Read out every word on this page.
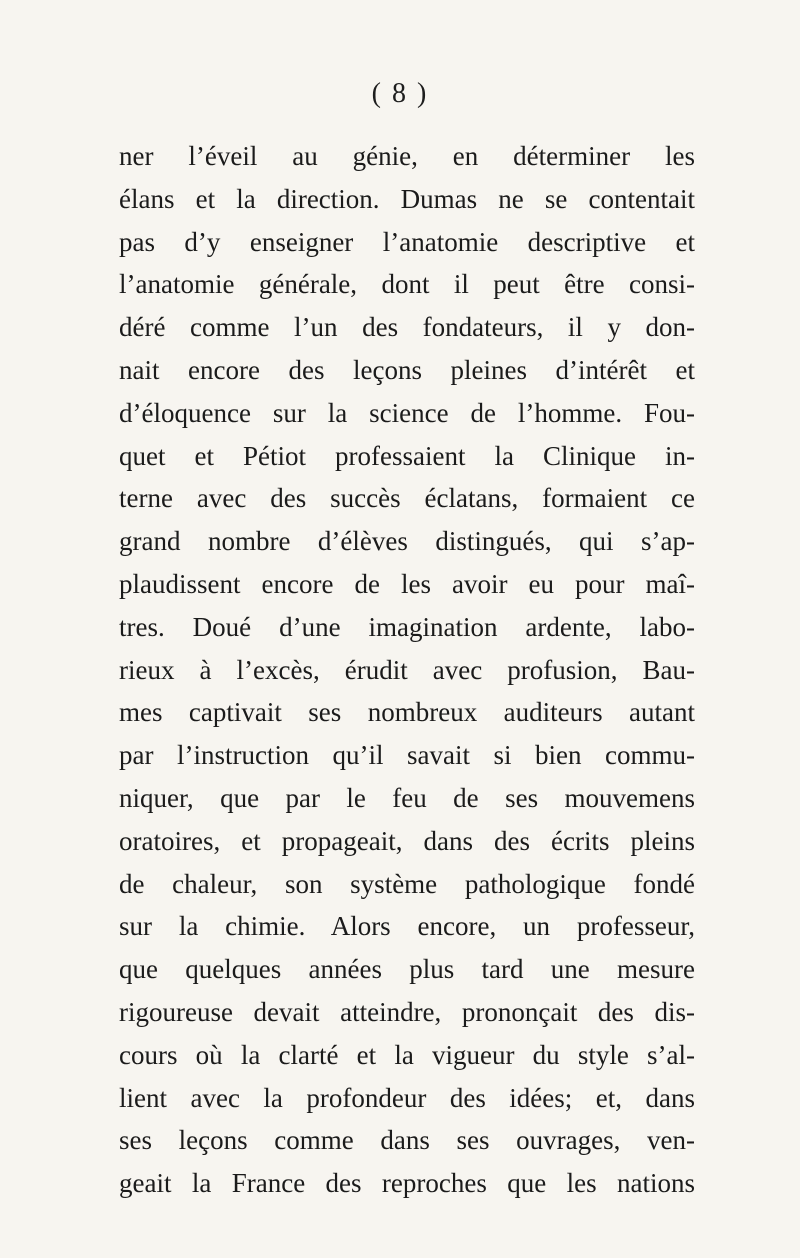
( 8 )
ner l’éveil au génie, en déterminer les
élans et la direction. Dumas ne se contentait
pas d’y enseigner l’anatomie descriptive et
l’anatomie générale, dont il peut être consi-
déré comme l’un des fondateurs, il y don-
nait encore des leçons pleines d’intérêt et
d’éloquence sur la science de l’homme. Fou-
quet et Pétiot professaient la Clinique in-
terne avec des succès éclatans, formaient ce
grand nombre d’élèves distingués, qui s’ap-
plaudissent encore de les avoir eu pour maî-
tres. Doué d’une imagination ardente, labo-
rieux à l’excès, érudit avec profusion, Bau-
mes captivait ses nombreux auditeurs autant
par l’instruction qu’il savait si bien commu-
niquer, que par le feu de ses mouvemens
oratoires, et propageait, dans des écrits pleins
de chaleur, son système pathologique fondé
sur la chimie. Alors encore, un professeur,
que quelques années plus tard une mesure
rigoureuse devait atteindre, prononçait des dis-
cours où la clarté et la vigueur du style s’al-
lient avec la profondeur des idées; et, dans
ses leçons comme dans ses ouvrages, ven-
geait la France des reproches que les nations
